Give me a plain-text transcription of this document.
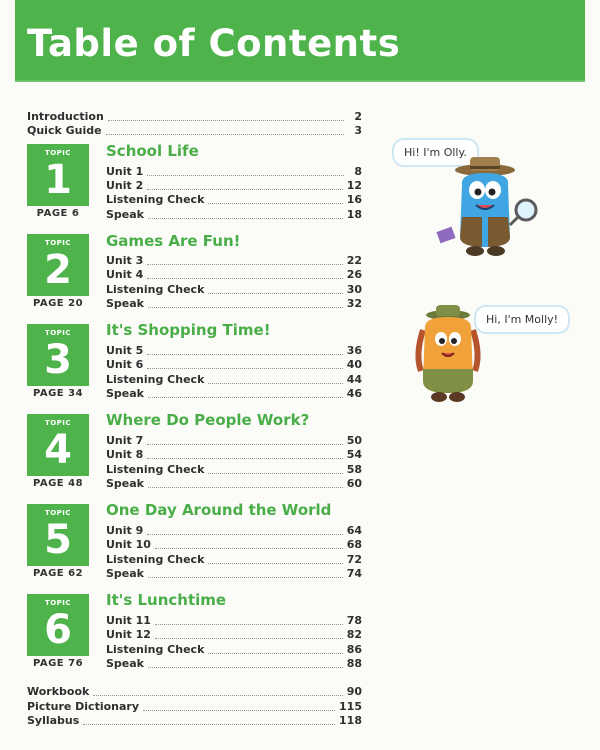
Table of Contents
Introduction	2
Quick Guide	3
TOPIC
1
PAGE 6
School Life
Unit 1	8
Unit 2	12
Listening Check	16
Speak	18
TOPIC
2
PAGE 20
Games Are Fun!
Unit 3	22
Unit 4	26
Listening Check	30
Speak	32
TOPIC
3
PAGE 34
It's Shopping Time!
Unit 5	36
Unit 6	40
Listening Check	44
Speak	46
TOPIC
4
PAGE 48
Where Do People Work?
Unit 7	50
Unit 8	54
Listening Check	58
Speak	60
TOPIC
5
PAGE 62
One Day Around the World
Unit 9	64
Unit 10	68
Listening Check	72
Speak	74
TOPIC
6
PAGE 76
It's Lunchtime
Unit 11	78
Unit 12	82
Listening Check	86
Speak	88
Workbook	90
Picture Dictionary	115
Syllabus	118
Hi! I'm Olly.
Hi, I'm Molly!
